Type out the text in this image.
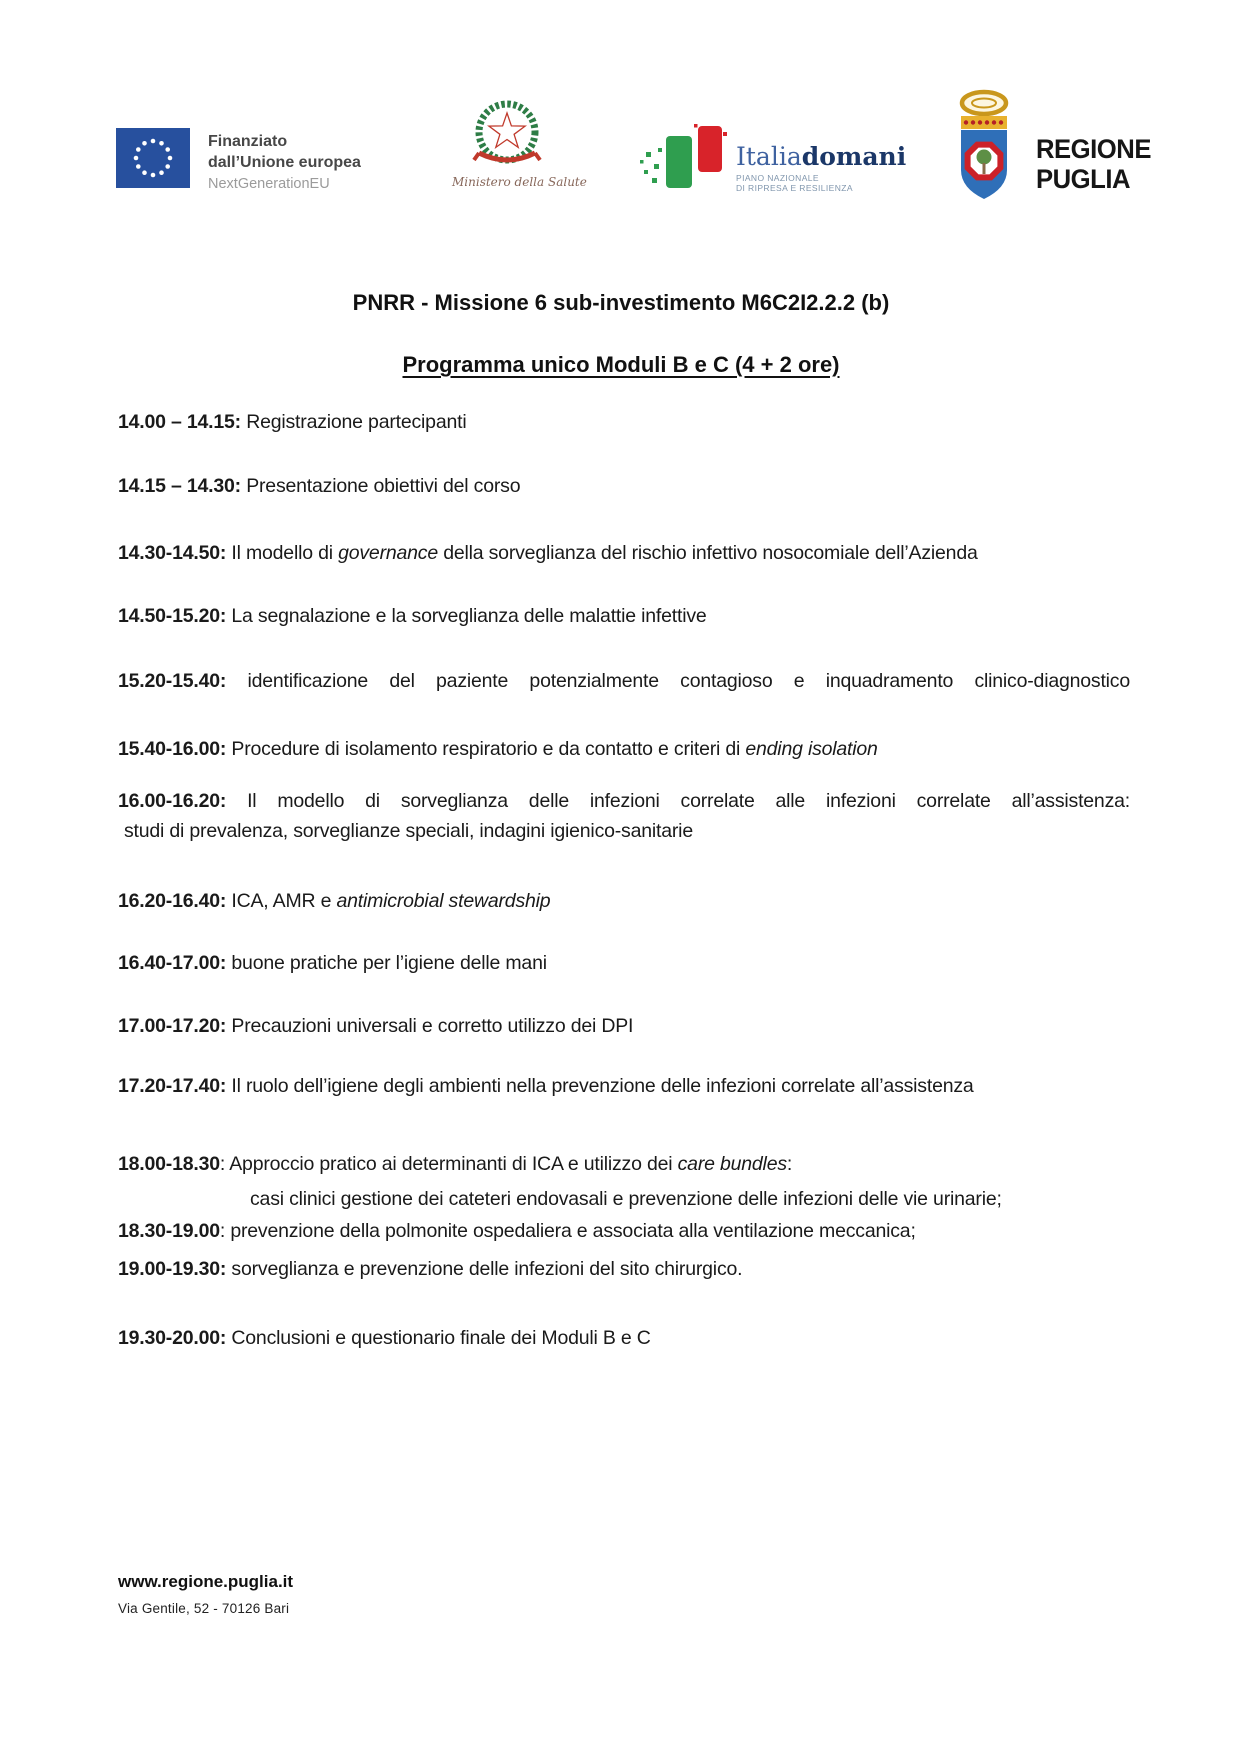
Finanziato
dall’Unione europea
NextGenerationEU	Ministero della Salute
Italiadomani
PIANO NAZIONALE
DI RIPRESA E RESILIENZA
REGIONE
PUGLIA
PNRR - Missione 6 sub-investimento M6C2I2.2.2 (b)
Programma unico Moduli B e C (4 + 2 ore)

14.00 – 14.15: Registrazione partecipanti

14.15 – 14.30: Presentazione obiettivi del corso

14.30-14.50: Il modello di governance della sorveglianza del rischio infettivo nosocomiale dell’Azienda

14.50-15.20: La segnalazione e la sorveglianza delle malattie infettive

15.20-15.40: identificazione del paziente potenzialmente contagioso e inquadramento clinico-diagnostico

15.40-16.00: Procedure di isolamento respiratorio e da contatto e criteri di ending isolation

16.00-16.20: Il modello di sorveglianza delle infezioni correlate alle infezioni correlate all’assistenza:
studi di prevalenza, sorveglianze speciali, indagini igienico-sanitarie

16.20-16.40: ICA, AMR e antimicrobial stewardship

16.40-17.00: buone pratiche per l’igiene delle mani

17.00-17.20: Precauzioni universali e corretto utilizzo dei DPI

17.20-17.40: Il ruolo dell’igiene degli ambienti nella prevenzione delle infezioni correlate all’assistenza

18.00-18.30: Approccio pratico ai determinanti di ICA e utilizzo dei care bundles:
casi clinici gestione dei cateteri endovasali e prevenzione delle infezioni delle vie urinarie;

18.30-19.00: prevenzione della polmonite ospedaliera e associata alla ventilazione meccanica;

19.00-19.30: sorveglianza e prevenzione delle infezioni del sito chirurgico.

19.30-20.00: Conclusioni e questionario finale dei Moduli B e C

www.regione.puglia.it
Via Gentile, 52 - 70126 Bari
